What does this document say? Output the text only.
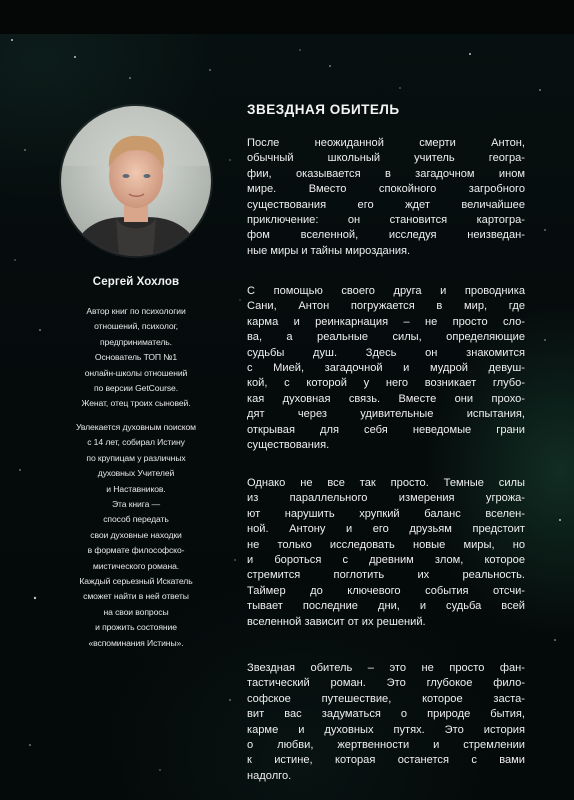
Сергей Хохлов
Автор книг по психологии
отношений, психолог,
предприниматель.
Основатель ТОП №1
онлайн-школы отношений
по версии GetCourse.
Женат, отец троих сыновей.
Увлекается духовным поиском
с 14 лет, собирал Истину
по крупицам у различных
духовных Учителей
и Наставников.
Эта книга —
способ передать
свои духовные находки
в формате философско-
мистического романа.
Каждый серьезный Искатель
сможет найти в ней ответы
на свои вопросы
и прожить состояние
«вспоминания Истины».
ЗВЕЗДНАЯ ОБИТЕЛЬ
После неожиданной смерти Антон,
обычный школьный учитель геогра-
фии, оказывается в загадочном ином
мире. Вместо спокойного загробного
существования его ждет величайшее
приключение: он становится картогра-
фом вселенной, исследуя неизведан-
ные миры и тайны мироздания.
С помощью своего друга и проводника
Сани, Антон погружается в мир, где
карма и реинкарнация – не просто сло-
ва, а реальные силы, определяющие
судьбы душ. Здесь он знакомится
с Мией, загадочной и мудрой девуш-
кой, с которой у него возникает глубо-
кая духовная связь. Вместе они прохо-
дят через удивительные испытания,
открывая для себя неведомые грани
существования.
Однако не все так просто. Темные силы
из параллельного измерения угрожа-
ют нарушить хрупкий баланс вселен-
ной. Антону и его друзьям предстоит
не только исследовать новые миры, но
и бороться с древним злом, которое
стремится поглотить их реальность.
Таймер до ключевого события отсчи-
тывает последние дни, и судьба всей
вселенной зависит от их решений.
Звездная обитель – это не просто фан-
тастический роман. Это глубокое фило-
софское путешествие, которое заста-
вит вас задуматься о природе бытия,
карме и духовных путях. Это история
о любви, жертвенности и стремлении
к истине, которая останется с вами
надолго.
